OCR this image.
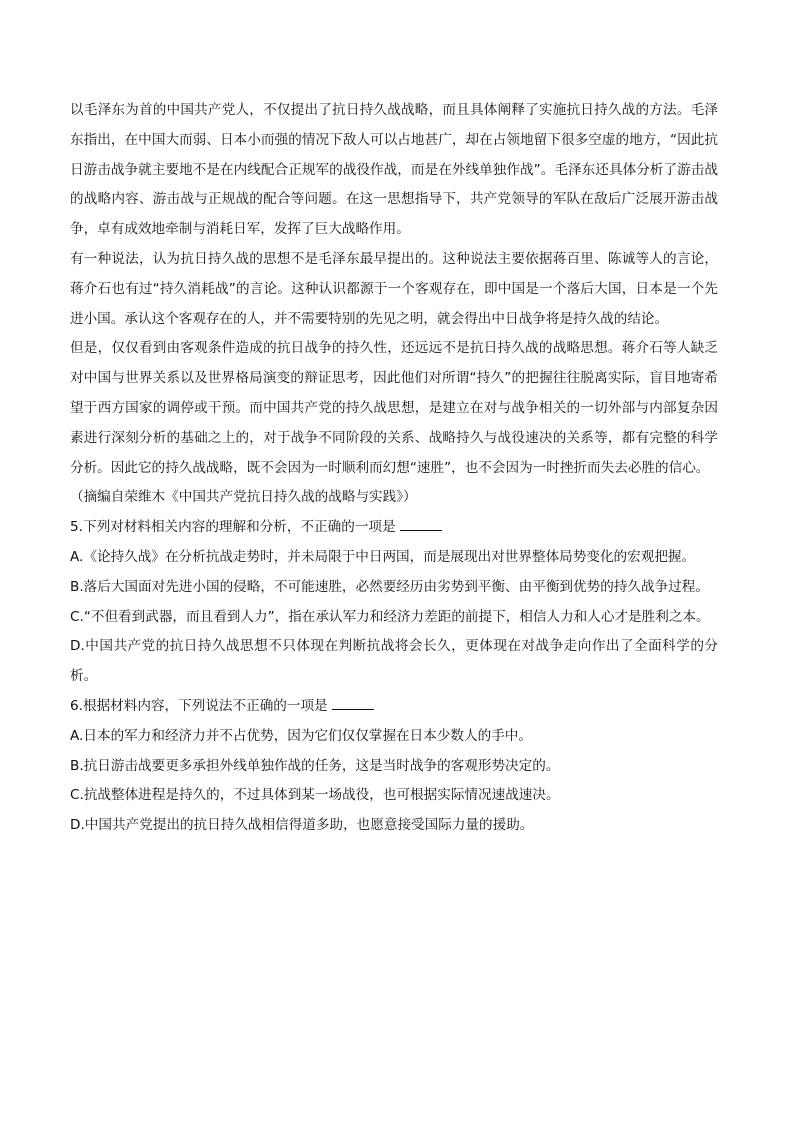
以毛泽东为首的中国共产党人，不仅提出了抗日持久战战略，而且具体阐释了实施抗日持久战的方法。毛泽东指出，在中国大而弱、日本小而强的情况下敌人可以占地甚广，却在占领地留下很多空虚的地方，“因此抗日游击战争就主要地不是在内线配合正规军的战役作战，而是在外线单独作战”。毛泽东还具体分析了游击战的战略内容、游击战与正规战的配合等问题。在这一思想指导下，共产党领导的军队在敌后广泛展开游击战争，卓有成效地牵制与消耗日军，发挥了巨大战略作用。

有一种说法，认为抗日持久战的思想不是毛泽东最早提出的。这种说法主要依据蒋百里、陈诚等人的言论，蒋介石也有过“持久消耗战”的言论。这种认识都源于一个客观存在，即中国是一个落后大国，日本是一个先进小国。承认这个客观存在的人，并不需要特别的先见之明，就会得出中日战争将是持久战的结论。

但是，仅仅看到由客观条件造成的抗日战争的持久性，还远远不是抗日持久战的战略思想。蒋介石等人缺乏对中国与世界关系以及世界格局演变的辩证思考，因此他们对所谓“持久”的把握往往脱离实际，盲目地寄希望于西方国家的调停或干预。而中国共产党的持久战思想，是建立在对与战争相关的一切外部与内部复杂因素进行深刻分析的基础之上的，对于战争不同阶段的关系、战略持久与战役速决的关系等，都有完整的科学分析。因此它的持久战战略，既不会因为一时顺利而幻想“速胜”，也不会因为一时挫折而失去必胜的信心。

（摘编自荣维木《中国共产党抗日持久战的战略与实践》）

5.下列对材料相关内容的理解和分析，不正确的一项是

A.《论持久战》在分析抗战走势时，并未局限于中日两国，而是展现出对世界整体局势变化的宏观把握。

B.落后大国面对先进小国的侵略，不可能速胜，必然要经历由劣势到平衡、由平衡到优势的持久战争过程。

C.“不但看到武器，而且看到人力”，指在承认军力和经济力差距的前提下，相信人力和人心才是胜利之本。

D.中国共产党的抗日持久战思想不只体现在判断抗战将会长久，更体现在对战争走向作出了全面科学的分析。

6.根据材料内容，下列说法不正确的一项是

A.日本的军力和经济力并不占优势，因为它们仅仅掌握在日本少数人的手中。

B.抗日游击战要更多承担外线单独作战的任务，这是当时战争的客观形势决定的。

C.抗战整体进程是持久的，不过具体到某一场战役，也可根据实际情况速战速决。

D.中国共产党提出的抗日持久战相信得道多助，也愿意接受国际力量的援助。
